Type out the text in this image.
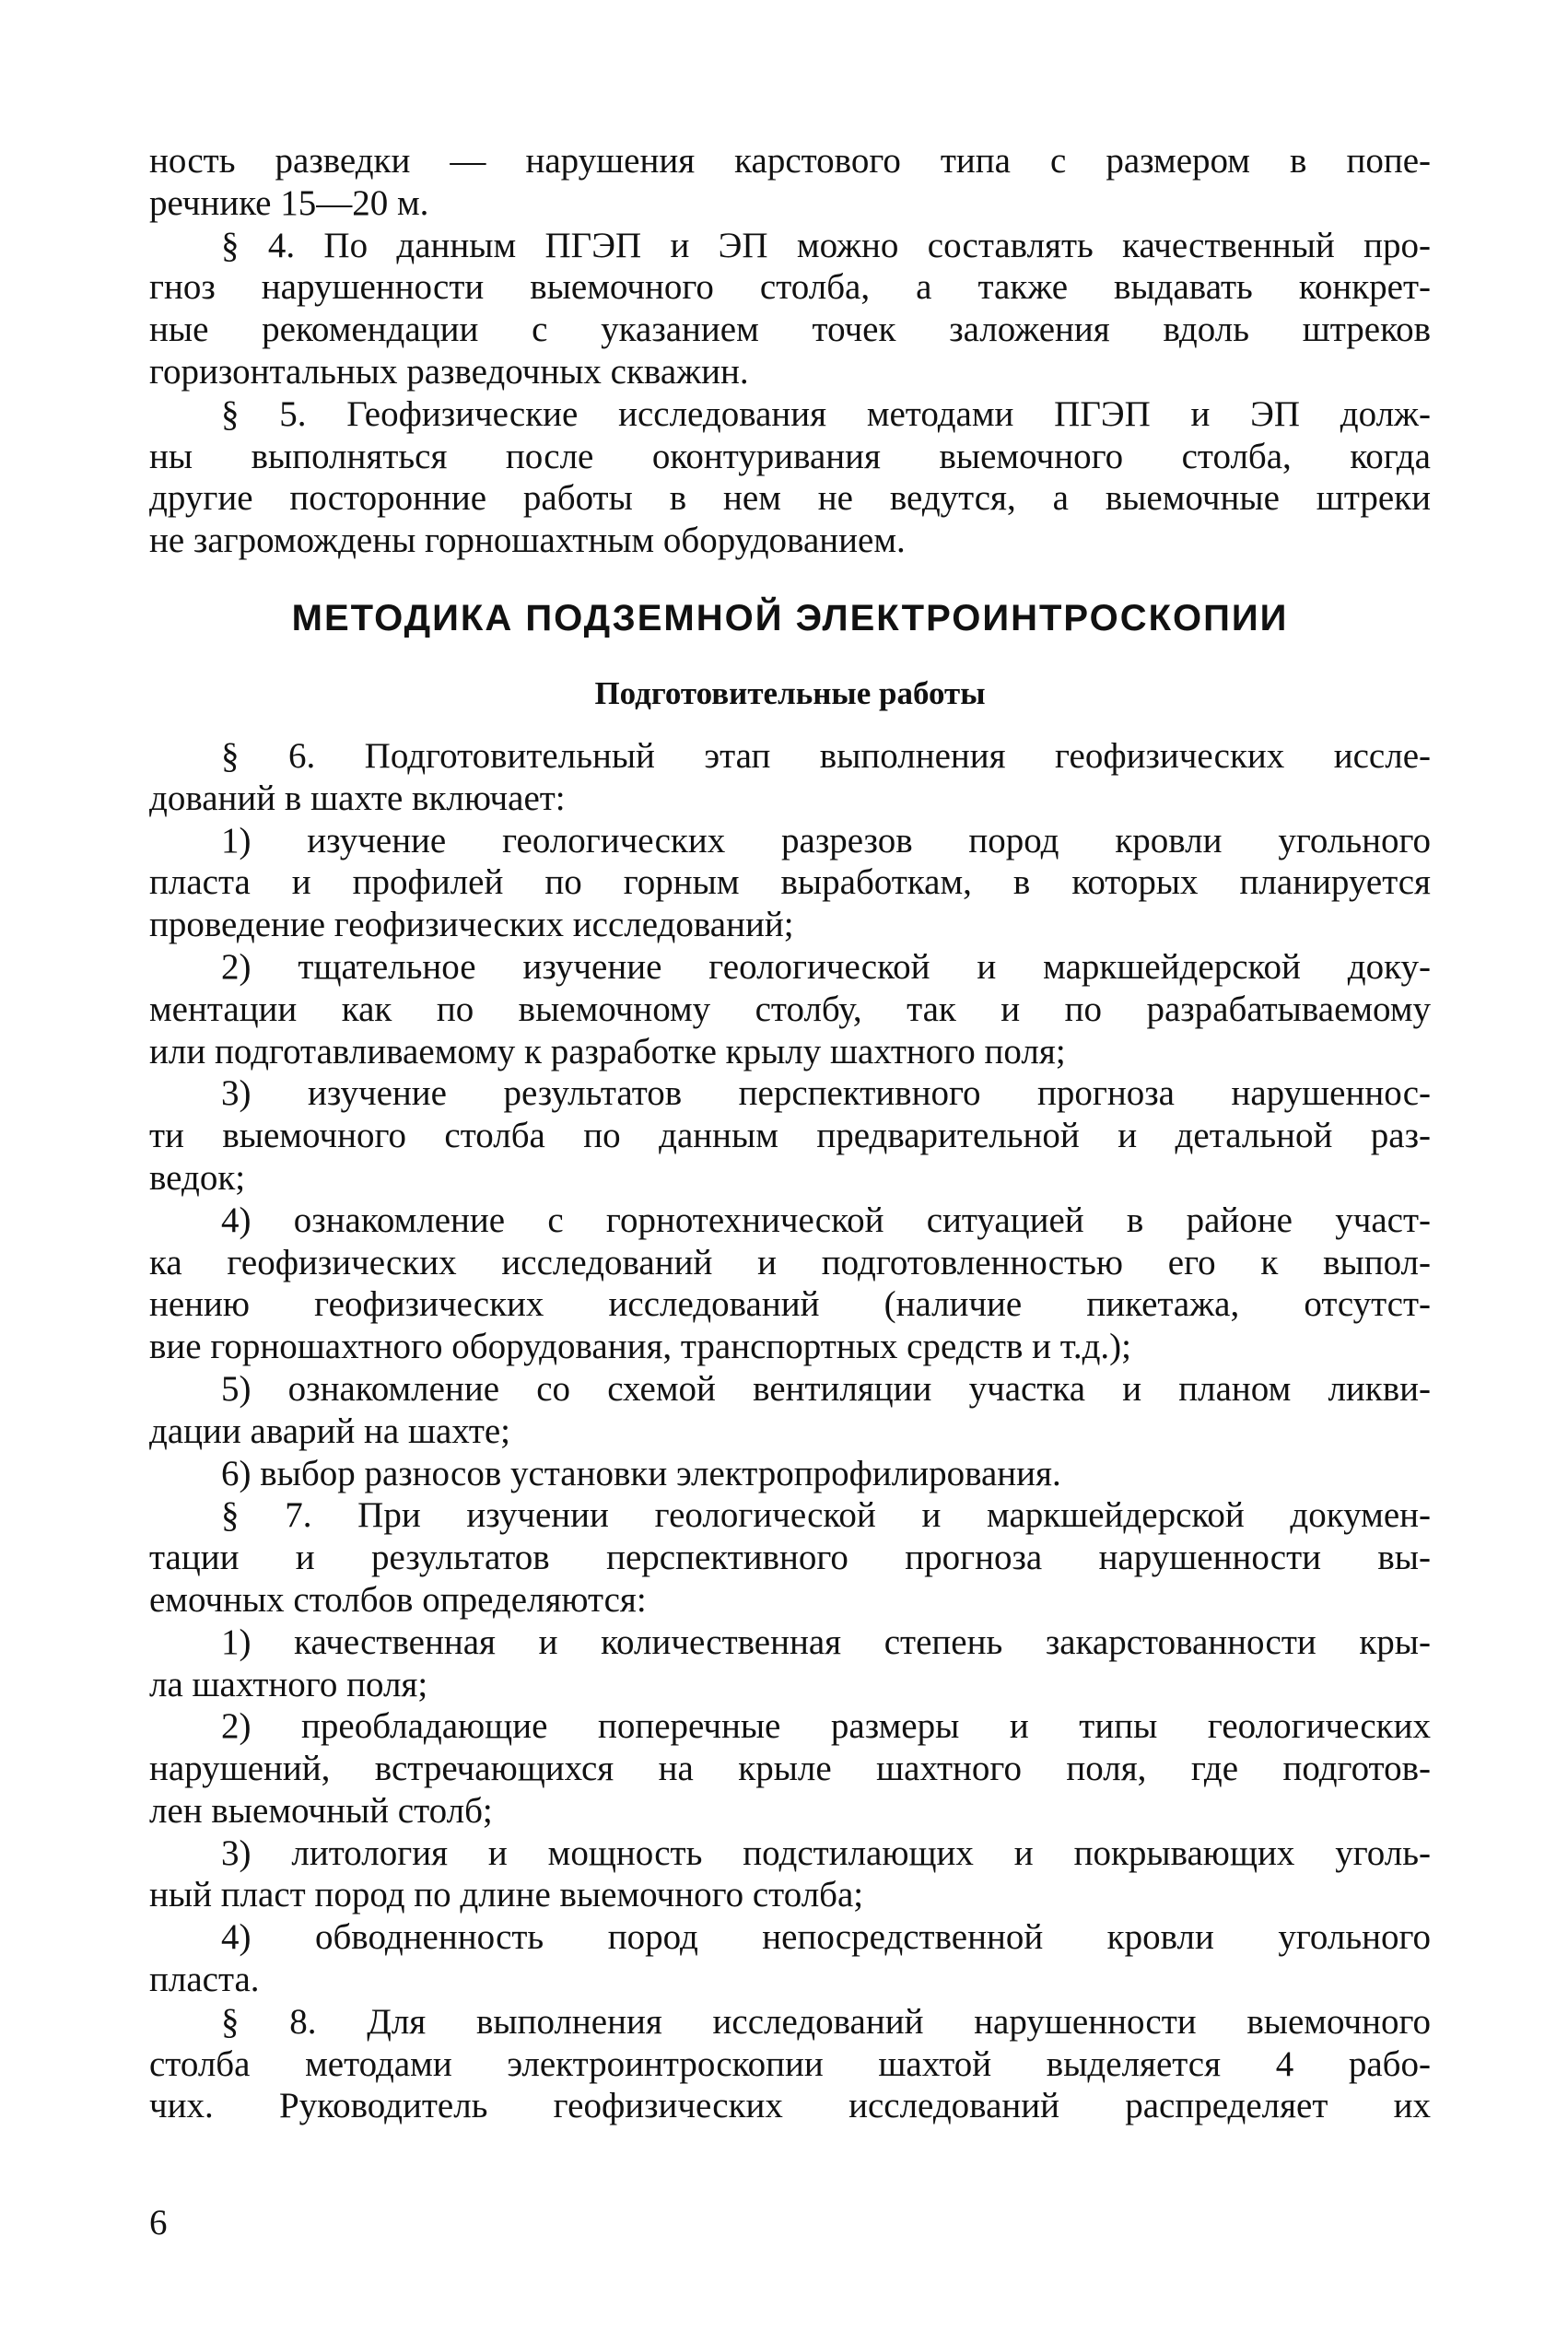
ность разведки — нарушения карстового типа с размером в попе-
речнике 15—20 м.
§ 4. По данным ПГЭП и ЭП можно составлять качественный про-
гноз нарушенности выемочного столба, а также выдавать конкрет-
ные рекомендации с указанием точек заложения вдоль штреков
горизонтальных разведочных скважин.
§ 5. Геофизические исследования методами ПГЭП и ЭП долж-
ны выполняться после оконтуривания выемочного столба, когда
другие посторонние работы в нем не ведутся, а выемочные штреки
не загромождены горношахтным оборудованием.
МЕТОДИКА ПОДЗЕМНОЙ ЭЛЕКТРОИНТРОСКОПИИ
Подготовительные работы
§ 6. Подготовительный этап выполнения геофизических иссле-
дований в шахте включает:
1) изучение геологических разрезов пород кровли угольного
пласта и профилей по горным выработкам, в которых планируется
проведение геофизических исследований;
2) тщательное изучение геологической и маркшейдерской доку-
ментации как по выемочному столбу, так и по разрабатываемому
или подготавливаемому к разработке крылу шахтного поля;
3) изучение результатов перспективного прогноза нарушеннос-
ти выемочного столба по данным предварительной и детальной раз-
ведок;
4) ознакомление с горнотехнической ситуацией в районе участ-
ка геофизических исследований и подготовленностью его к выпол-
нению геофизических исследований (наличие пикетажа, отсутст-
вие горношахтного оборудования, транспортных средств и т.д.);
5) ознакомление со схемой вентиляции участка и планом ликви-
дации аварий на шахте;
6) выбор разносов установки электропрофилирования.
§ 7. При изучении геологической и маркшейдерской докумен-
тации и результатов перспективного прогноза нарушенности вы-
емочных столбов определяются:
1) качественная и количественная степень закарстованности кры-
ла шахтного поля;
2) преобладающие поперечные размеры и типы геологических
нарушений, встречающихся на крыле шахтного поля, где подготов-
лен выемочный столб;
3) литология и мощность подстилающих и покрывающих уголь-
ный пласт пород по длине выемочного столба;
4) обводненность пород непосредственной кровли угольного
пласта.
§ 8. Для выполнения исследований нарушенности выемочного
столба методами электроинтроскопии шахтой выделяется 4 рабо-
чих. Руководитель геофизических исследований распределяет их
6
